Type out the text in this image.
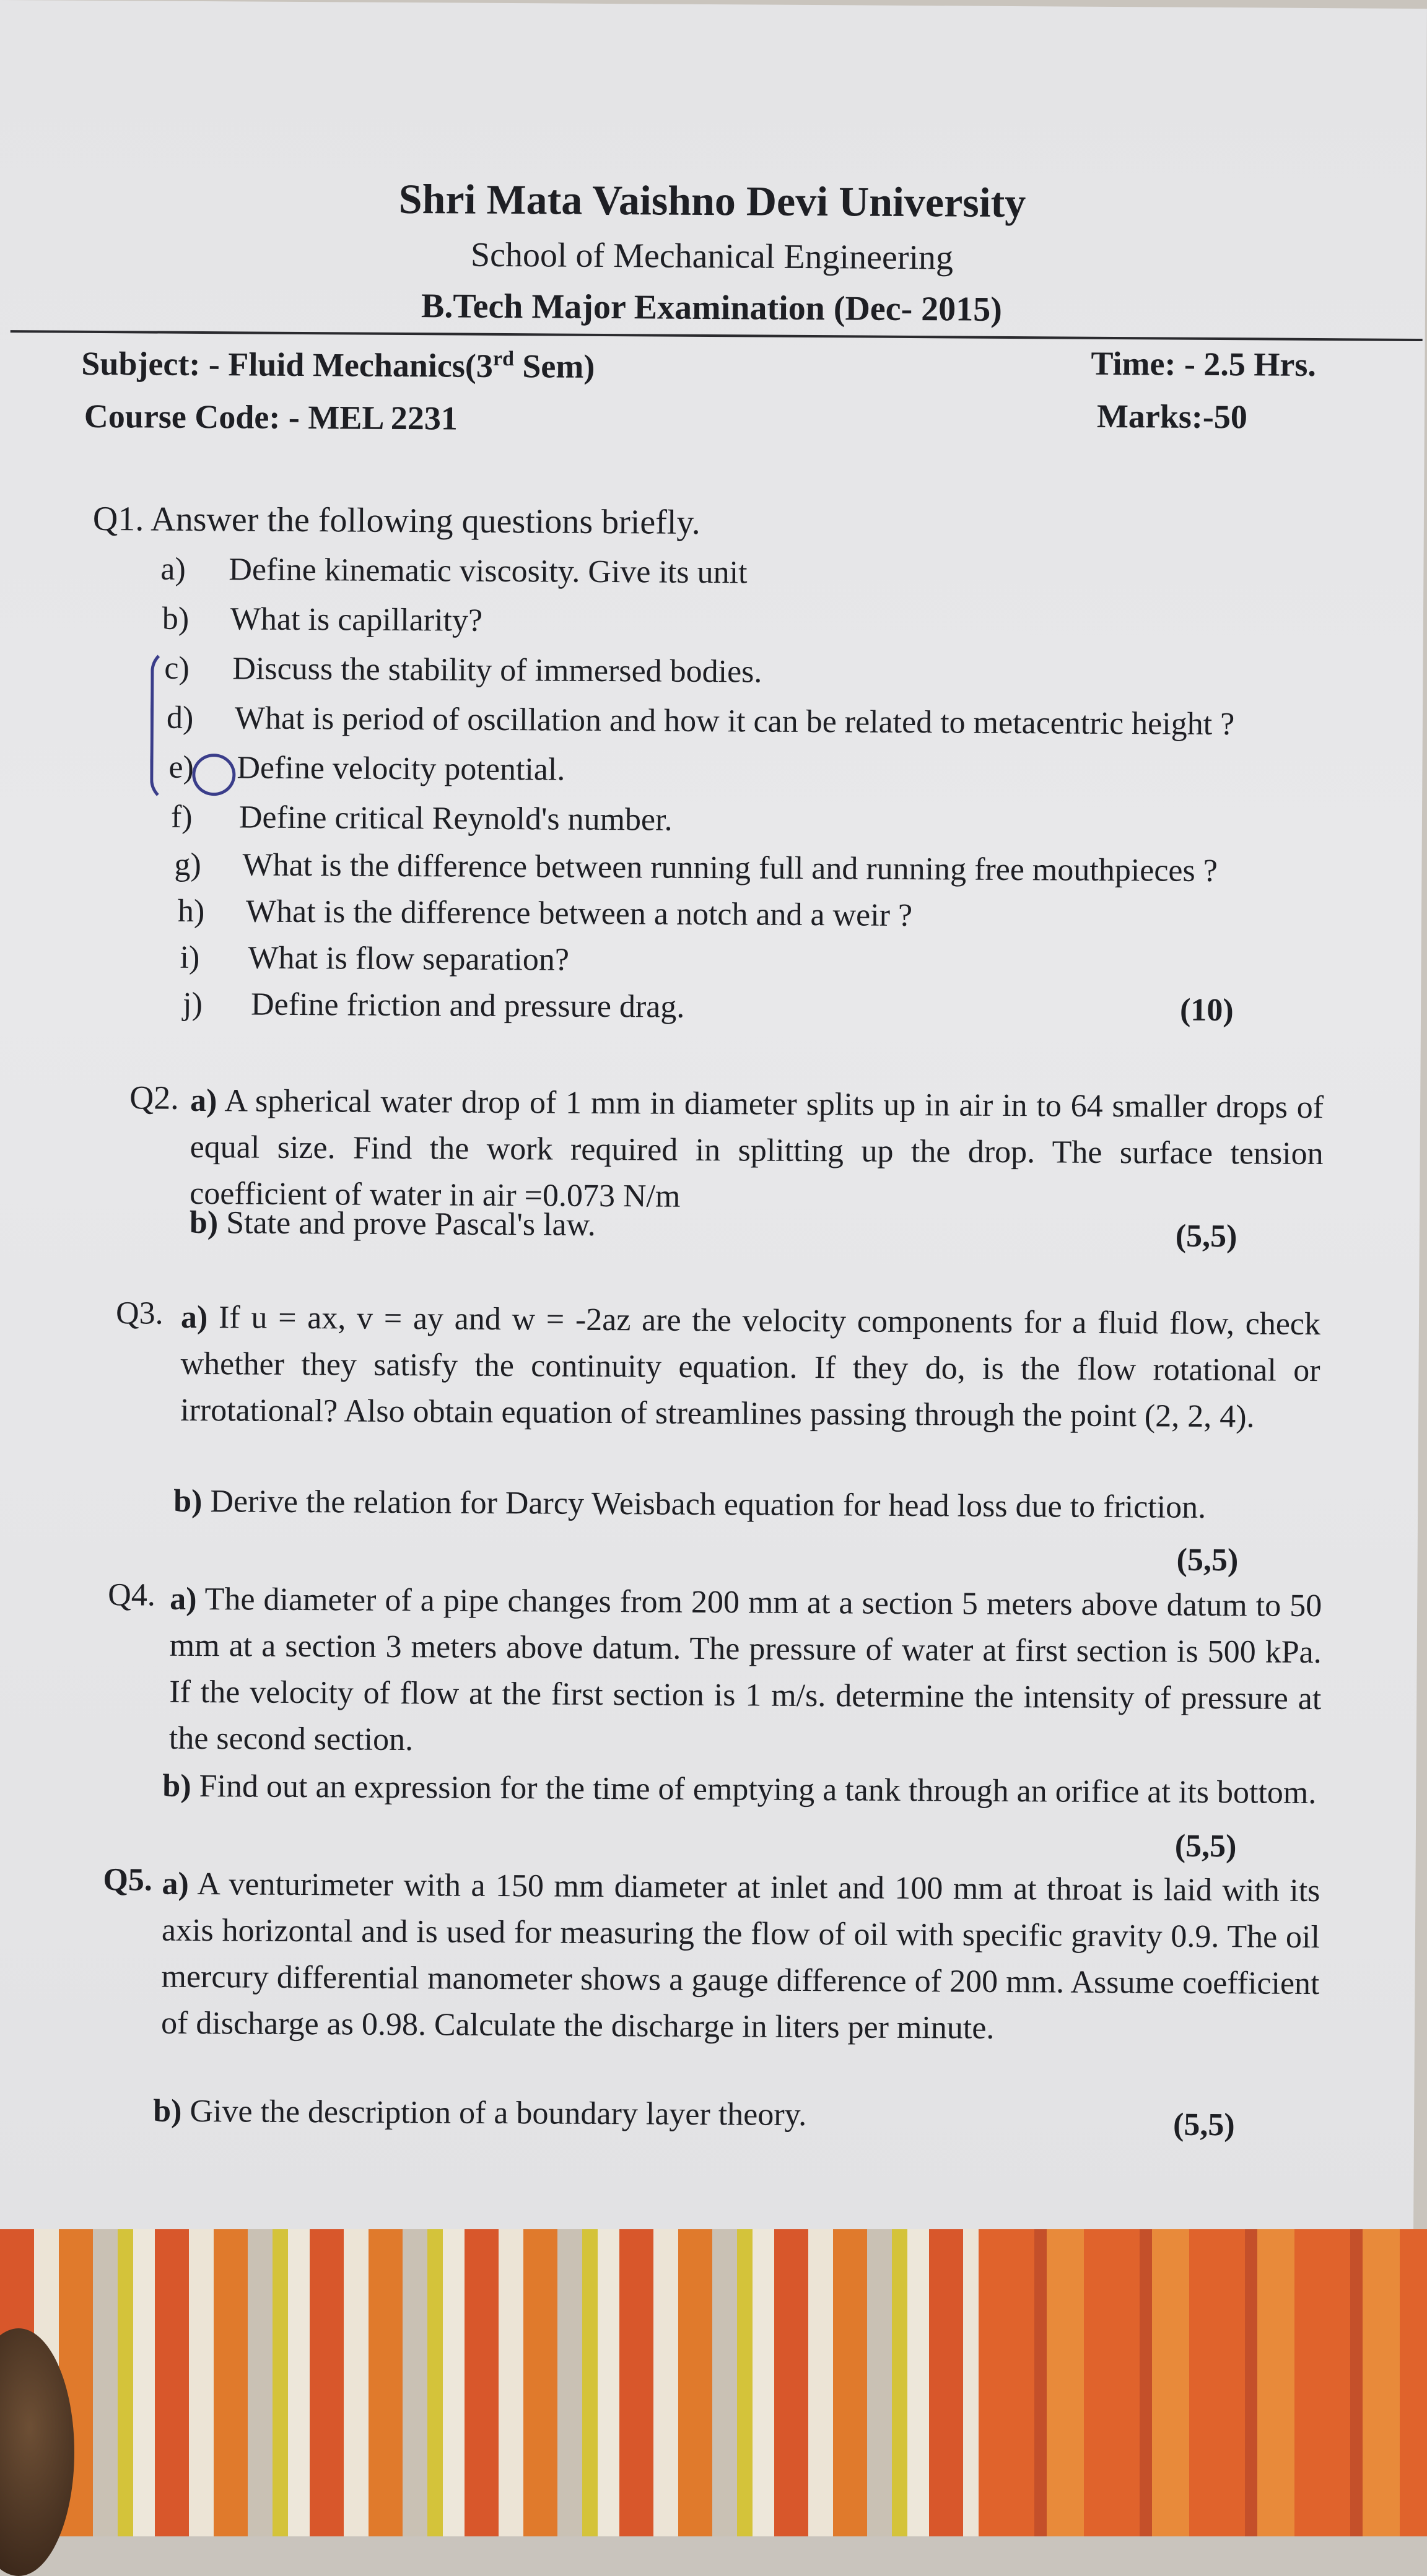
Shri Mata Vaishno Devi University
School of Mechanical Engineering
B.Tech Major Examination (Dec- 2015)
Subject: - Fluid Mechanics(3rd Sem)
Course Code: - MEL 2231
Time: - 2.5 Hrs.
Marks:-50
Q1. Answer the following questions briefly.
a) Define kinematic viscosity. Give its unit
b) What is capillarity?
c) Discuss the stability of immersed bodies.
d) What is period of oscillation and how it can be related to metacentric height ?
e) Define velocity potential.
f) Define critical Reynold's number.
g) What is the difference between running full and running free mouthpieces ?
h) What is the difference between a notch and a weir ?
i) What is flow separation?
j) Define friction and pressure drag.	(10)
Q2. a) A spherical water drop of 1 mm in diameter splits up in air in to 64 smaller drops of equal size. Find the work required in splitting up the drop. The surface tension coefficient of water in air =0.073 N/m
b) State and prove Pascal's law.	(5,5)
Q3. a) If u = ax, v = ay and w = -2az are the velocity components for a fluid flow, check whether they satisfy the continuity equation. If they do, is the flow rotational or irrotational? Also obtain equation of streamlines passing through the point (2, 2, 4).
b) Derive the relation for Darcy Weisbach equation for head loss due to friction.
(5,5)
Q4. a) The diameter of a pipe changes from 200 mm at a section 5 meters above datum to 50 mm at a section 3 meters above datum. The pressure of water at first section is 500 kPa. If the velocity of flow at the first section is 1 m/s. determine the intensity of pressure at the second section.
b) Find out an expression for the time of emptying a tank through an orifice at its bottom.
(5,5)
Q5. a) A venturimeter with a 150 mm diameter at inlet and 100 mm at throat is laid with its axis horizontal and is used for measuring the flow of oil with specific gravity 0.9. The oil mercury differential manometer shows a gauge difference of 200 mm. Assume coefficient of discharge as 0.98. Calculate the discharge in liters per minute.
b) Give the description of a boundary layer theory.	(5,5)
